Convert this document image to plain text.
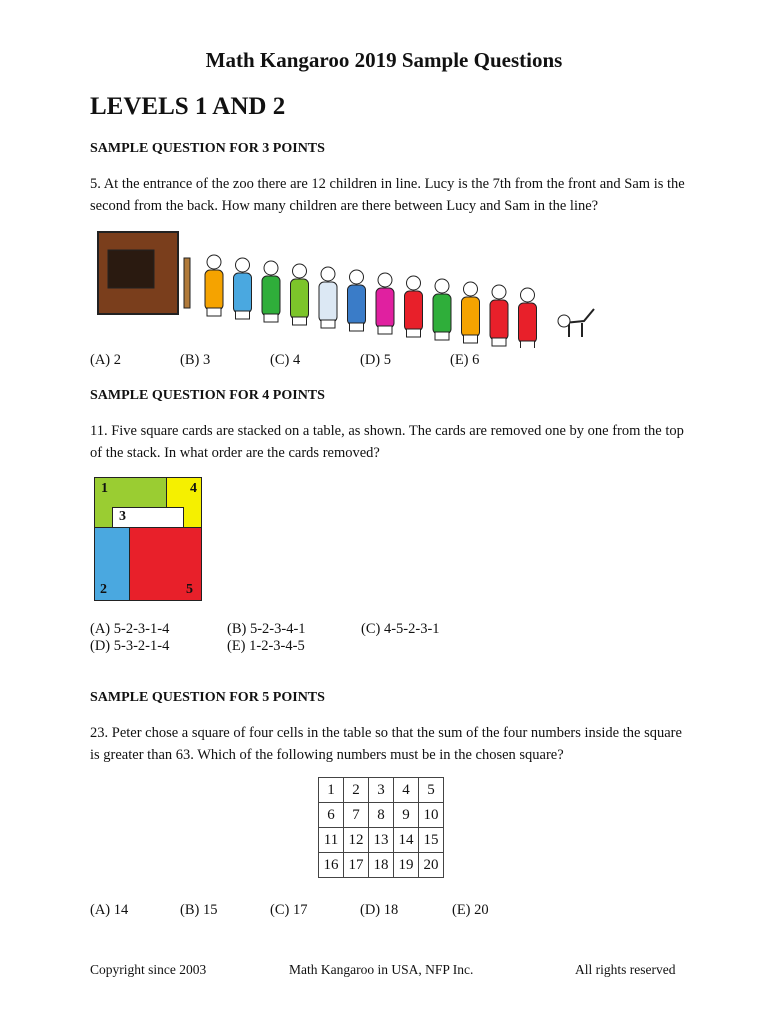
Math Kangaroo 2019 Sample Questions
LEVELS 1 AND 2
SAMPLE QUESTION FOR 3 POINTS
5. At the entrance of the zoo there are 12 children in line. Lucy is the 7th from the front and Sam is the second from the back. How many children are there between Lucy and Sam in the line?
(A) 2	(B) 3	(C) 4	(D) 5	(E) 6
SAMPLE QUESTION FOR 4 POINTS
11. Five square cards are stacked on a table, as shown. The cards are removed one by one from the top of the stack. In what order are the cards removed?
1	4
3
2	5
(A) 5-2-3-1-4	(B) 5-2-3-4-1	(C) 4-5-2-3-1
(D) 5-3-2-1-4	(E) 1-2-3-4-5
SAMPLE QUESTION FOR 5 POINTS
23. Peter chose a square of four cells in the table so that the sum of the four numbers inside the square is greater than 63. Which of the following numbers must be in the chosen square?
1	2	3	4	5
6	7	8	9	10
11	12	13	14	15
16	17	18	19	20
(A) 14	(B) 15	(C) 17	(D) 18	(E) 20
Copyright since 2003	Math Kangaroo in USA, NFP Inc.	All rights reserved
